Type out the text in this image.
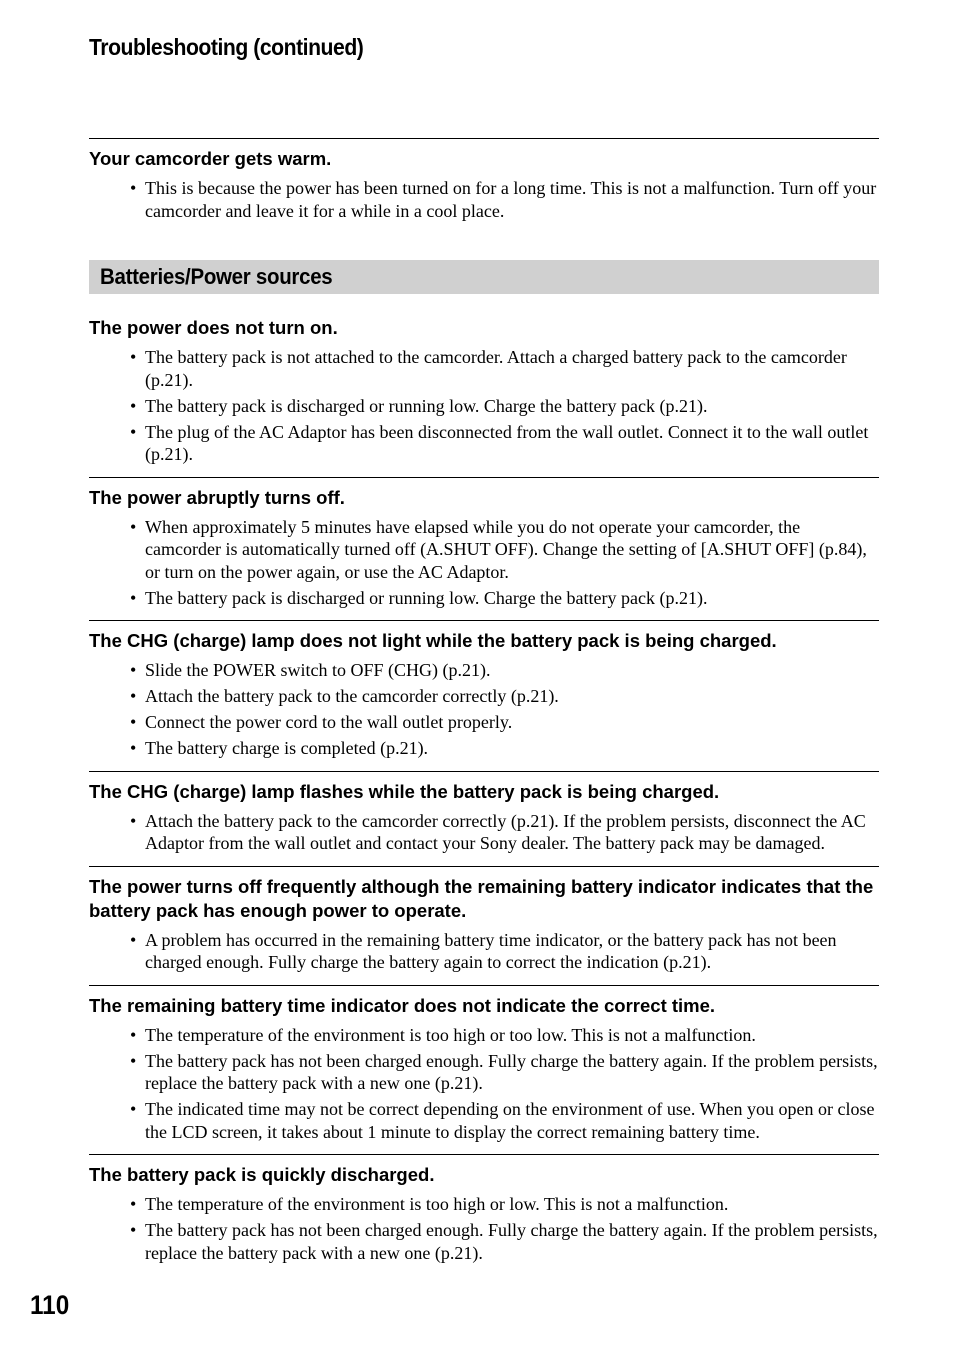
Troubleshooting (continued)
Your camcorder gets warm.
• This is because the power has been turned on for a long time. This is not a malfunction. Turn off your camcorder and leave it for a while in a cool place.
Batteries/Power sources
The power does not turn on.
• The battery pack is not attached to the camcorder. Attach a charged battery pack to the camcorder (p.21).
• The battery pack is discharged or running low. Charge the battery pack (p.21).
• The plug of the AC Adaptor has been disconnected from the wall outlet. Connect it to the wall outlet (p.21).
The power abruptly turns off.
• When approximately 5 minutes have elapsed while you do not operate your camcorder, the camcorder is automatically turned off (A.SHUT OFF). Change the setting of [A.SHUT OFF] (p.84), or turn on the power again, or use the AC Adaptor.
• The battery pack is discharged or running low. Charge the battery pack (p.21).
The CHG (charge) lamp does not light while the battery pack is being charged.
• Slide the POWER switch to OFF (CHG) (p.21).
• Attach the battery pack to the camcorder correctly (p.21).
• Connect the power cord to the wall outlet properly.
• The battery charge is completed (p.21).
The CHG (charge) lamp flashes while the battery pack is being charged.
• Attach the battery pack to the camcorder correctly (p.21). If the problem persists, disconnect the AC Adaptor from the wall outlet and contact your Sony dealer. The battery pack may be damaged.
The power turns off frequently although the remaining battery indicator indicates that the battery pack has enough power to operate.
• A problem has occurred in the remaining battery time indicator, or the battery pack has not been charged enough. Fully charge the battery again to correct the indication (p.21).
The remaining battery time indicator does not indicate the correct time.
• The temperature of the environment is too high or too low. This is not a malfunction.
• The battery pack has not been charged enough. Fully charge the battery again. If the problem persists, replace the battery pack with a new one (p.21).
• The indicated time may not be correct depending on the environment of use. When you open or close the LCD screen, it takes about 1 minute to display the correct remaining battery time.
The battery pack is quickly discharged.
• The temperature of the environment is too high or low. This is not a malfunction.
• The battery pack has not been charged enough. Fully charge the battery again. If the problem persists, replace the battery pack with a new one (p.21).
110
